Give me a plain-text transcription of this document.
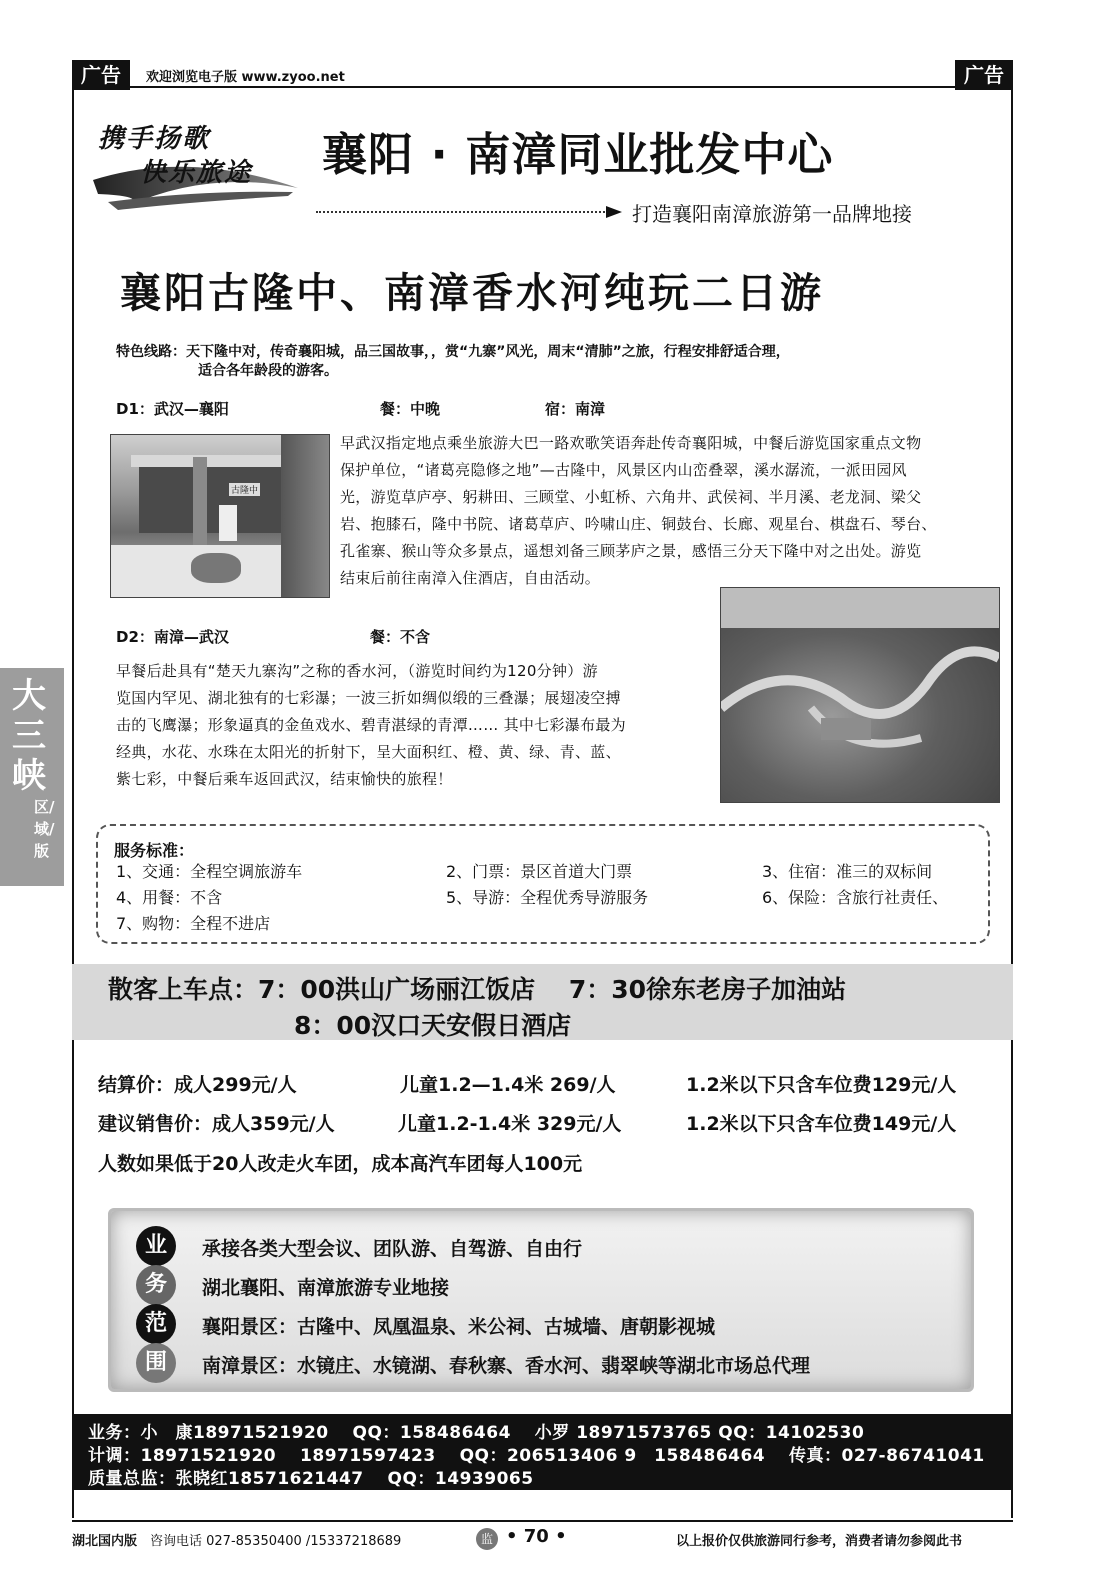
广告	欢迎浏览电子版 www.zyoo.net	广告
携手扬歌
快乐旅途 襄阳 · 南漳同业批发中心
打造襄阳南漳旅游第一品牌地接
襄阳古隆中、南漳香水河纯玩二日游
特色线路：天下隆中对，传奇襄阳城，品三国故事，，赏“九寨”风光，周末“清肺”之旅，行程安排舒适合理，
适合各年龄段的游客。
D1：武汉—襄阳	餐：中晚	宿：南漳
古隆中
早武汉指定地点乘坐旅游大巴一路欢歌笑语奔赴传奇襄阳城，中餐后游览国家重点文物
保护单位，“诸葛亮隐修之地”—古隆中，风景区内山峦叠翠，溪水潺流，一派田园风
光，游览草庐亭、躬耕田、三顾堂、小虹桥、六角井、武侯祠、半月溪、老龙洞、梁父
岩、抱膝石，隆中书院、诸葛草庐、吟啸山庄、铜鼓台、长廊、观星台、棋盘石、琴台、
孔雀寨、猴山等众多景点，遥想刘备三顾茅庐之景，感悟三分天下隆中对之出处。游览
结束后前往南漳入住酒店，自由活动。
D2：南漳—武汉	餐：不含
早餐后赴具有“楚天九寨沟”之称的香水河，（游览时间约为120分钟）游
览国内罕见、湖北独有的七彩瀑；一波三折如绸似缎的三叠瀑；展翅凌空搏
击的飞鹰瀑；形象逼真的金鱼戏水、碧青湛绿的青潭…… 其中七彩瀑布最为
经典，水花、水珠在太阳光的折射下，呈大面积红、橙、黄、绿、青、蓝、
紫七彩，中餐后乘车返回武汉，结束愉快的旅程！
服务标准：
1、交通：全程空调旅游车	2、门票：景区首道大门票	3、住宿：准三的双标间
4、用餐：不含	5、导游：全程优秀导游服务	6、保险：含旅行社责任、
7、购物：全程不进店
散客上车点：7：00洪山广场丽江饭店　 7：30徐东老房子加油站
8：00汉口天安假日酒店
结算价：成人299元/人	儿童1.2—1.4米 269/人	1.2米以下只含车位费129元/人
建议销售价：成人359元/人	儿童1.2-1.4米 329元/人	1.2米以下只含车位费149元/人
人数如果低于20人改走火车团，成本高汽车团每人100元
业
务
范
围
承接各类大型会议、团队游、自驾游、自由行
湖北襄阳、南漳旅游专业地接
襄阳景区：古隆中、凤凰温泉、米公祠、古城墙、唐朝影视城
南漳景区：水镜庄、水镜湖、春秋寨、香水河、翡翠峡等湖北市场总代理
业务：小　康18971521920　 QQ：158486464　 小罗 18971573765 QQ：14102530
计调：18971521920　 18971597423　 QQ：206513406 9　158486464　 传真：027-86741041
质量总监：张晓红18571621447　 QQ：14939065
大三峡
区/域/版
湖北国内版 咨询电话 027-85350400 /15337218689	监 • 70 •	以上报价仅供旅游同行参考，消费者请勿参阅此书
